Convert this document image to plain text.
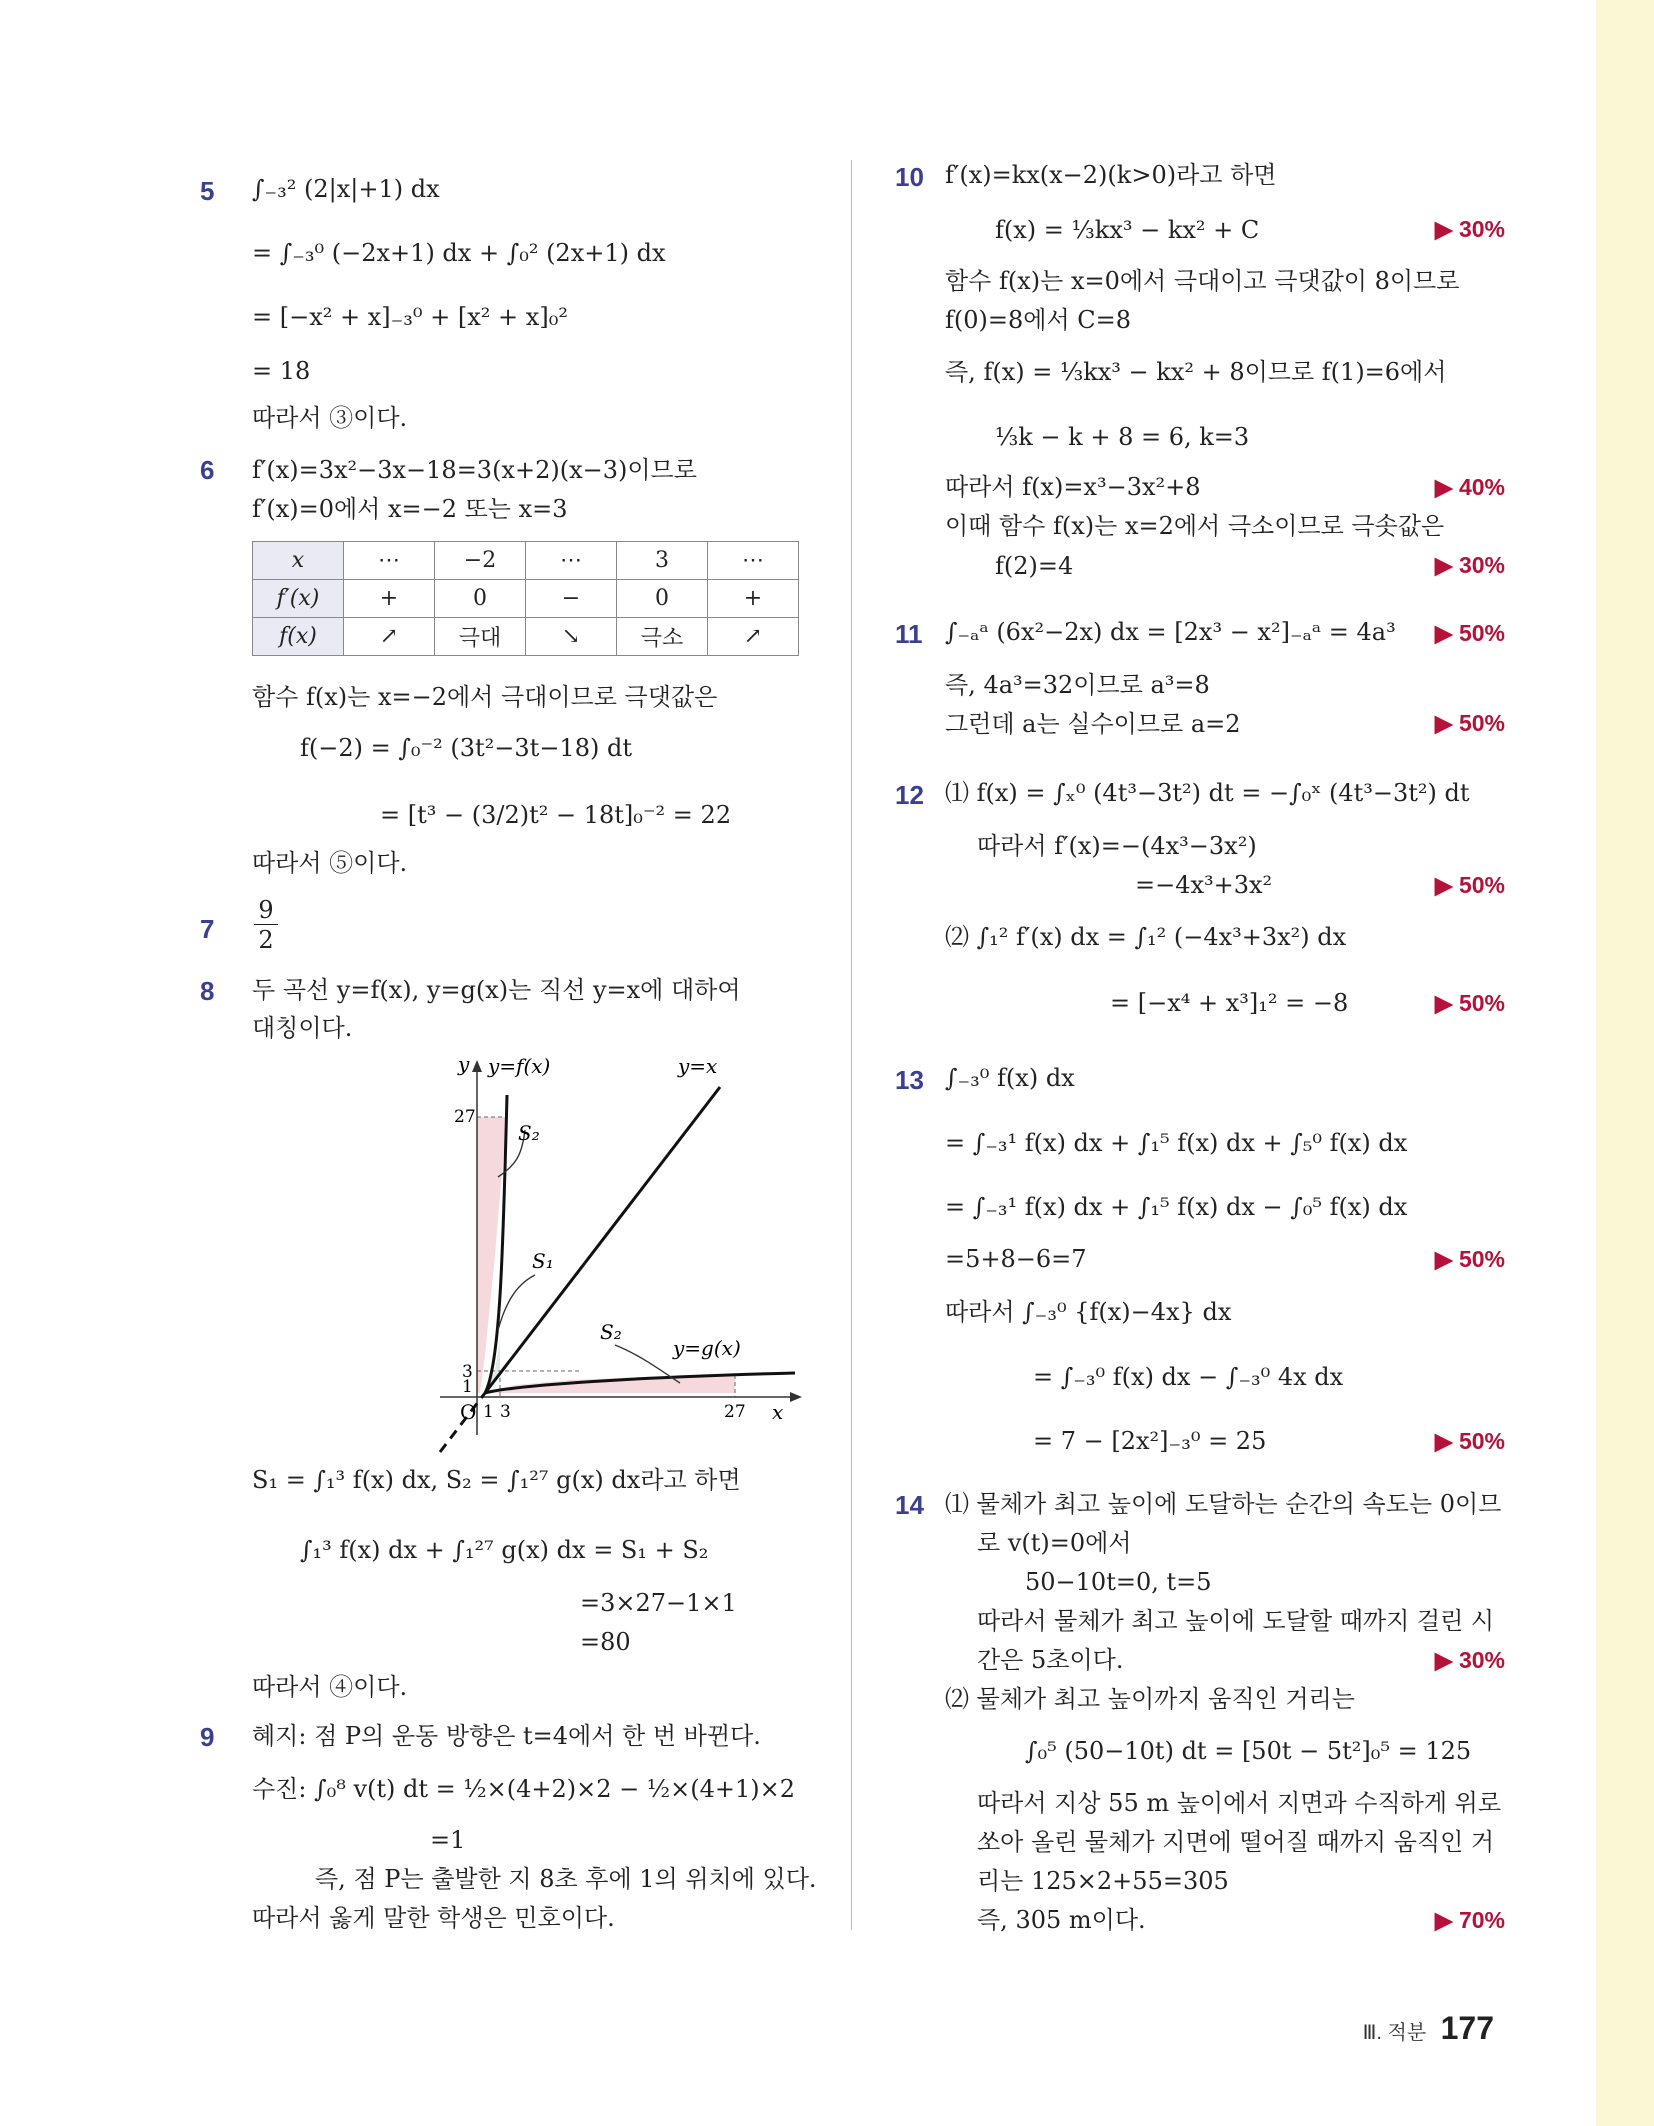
5 ∫₋₃² (2|x|+1) dx
= ∫₋₃⁰ (−2x+1) dx + ∫₀² (2x+1) dx
= [−x² + x]₋₃⁰ + [x² + x]₀²
= 18
따라서 ③이다.
6 f′(x)=3x²−3x−18=3(x+2)(x−3)이므로
f′(x)=0에서 x=−2 또는 x=3
x	⋯	−2	⋯	3	⋯
f′(x)	+	0	−	0	+
f(x)	↗	극대	↘	극소	↗
함수 f(x)는 x=−2에서 극대이므로 극댓값은
f(−2) = ∫₀⁻² (3t²−3t−18) dt
= [t³ − (3/2)t² − 18t]₀⁻² = 22
따라서 ⑤이다.
7
9
2
8 두 곡선 y=f(x), y=g(x)는 직선 y=x에 대하여
대칭이다.
y y=f(x)	y=x
y=g(x)
S₂
S₁
S₂
O	x
1 3	27
1
3
27
S₁ = ∫₁³ f(x) dx, S₂ = ∫₁²⁷ g(x) dx라고 하면
∫₁³ f(x) dx + ∫₁²⁷ g(x) dx = S₁ + S₂
=3×27−1×1
=80
따라서 ④이다.
9 혜지: 점 P의 운동 방향은 t=4에서 한 번 바뀐다.
수진: ∫₀⁸ v(t) dt = ½×(4+2)×2 − ½×(4+1)×2
=1
즉, 점 P는 출발한 지 8초 후에 1의 위치에 있다.
따라서 옳게 말한 학생은 민호이다.
10 f′(x)=kx(x−2)(k>0)라고 하면
f(x) = ⅓kx³ − kx² + C	▶ 30%
함수 f(x)는 x=0에서 극대이고 극댓값이 8이므로
f(0)=8에서 C=8
즉, f(x) = ⅓kx³ − kx² + 8이므로 f(1)=6에서
⅓k − k + 8 = 6, k=3
따라서 f(x)=x³−3x²+8	▶ 40%
이때 함수 f(x)는 x=2에서 극소이므로 극솟값은
f(2)=4	▶ 30%
11 ∫₋ₐᵃ (6x²−2x) dx = [2x³ − x²]₋ₐᵃ = 4a³ ▶ 50%
즉, 4a³=32이므로 a³=8
그런데 a는 실수이므로 a=2	▶ 50%
12 ⑴ f(x) = ∫ₓ⁰ (4t³−3t²) dt = −∫₀ˣ (4t³−3t²) dt
따라서 f′(x)=−(4x³−3x²)
=−4x³+3x²	▶ 50%
⑵ ∫₁² f′(x) dx = ∫₁² (−4x³+3x²) dx
= [−x⁴ + x³]₁² = −8	▶ 50%
13 ∫₋₃⁰ f(x) dx
= ∫₋₃¹ f(x) dx + ∫₁⁵ f(x) dx + ∫₅⁰ f(x) dx
= ∫₋₃¹ f(x) dx + ∫₁⁵ f(x) dx − ∫₀⁵ f(x) dx
=5+8−6=7	▶ 50%
따라서 ∫₋₃⁰ {f(x)−4x} dx
= ∫₋₃⁰ f(x) dx − ∫₋₃⁰ 4x dx
= 7 − [2x²]₋₃⁰ = 25	▶ 50%
14 ⑴ 물체가 최고 높이에 도달하는 순간의 속도는 0이므
로 v(t)=0에서
50−10t=0, t=5
따라서 물체가 최고 높이에 도달할 때까지 걸린 시
간은 5초이다.	▶ 30%
⑵ 물체가 최고 높이까지 움직인 거리는
∫₀⁵ (50−10t) dt = [50t − 5t²]₀⁵ = 125
따라서 지상 55 m 높이에서 지면과 수직하게 위로
쏘아 올린 물체가 지면에 떨어질 때까지 움직인 거
리는 125×2+55=305
즉, 305 m이다.	▶ 70%
Ⅲ. 적분 177
